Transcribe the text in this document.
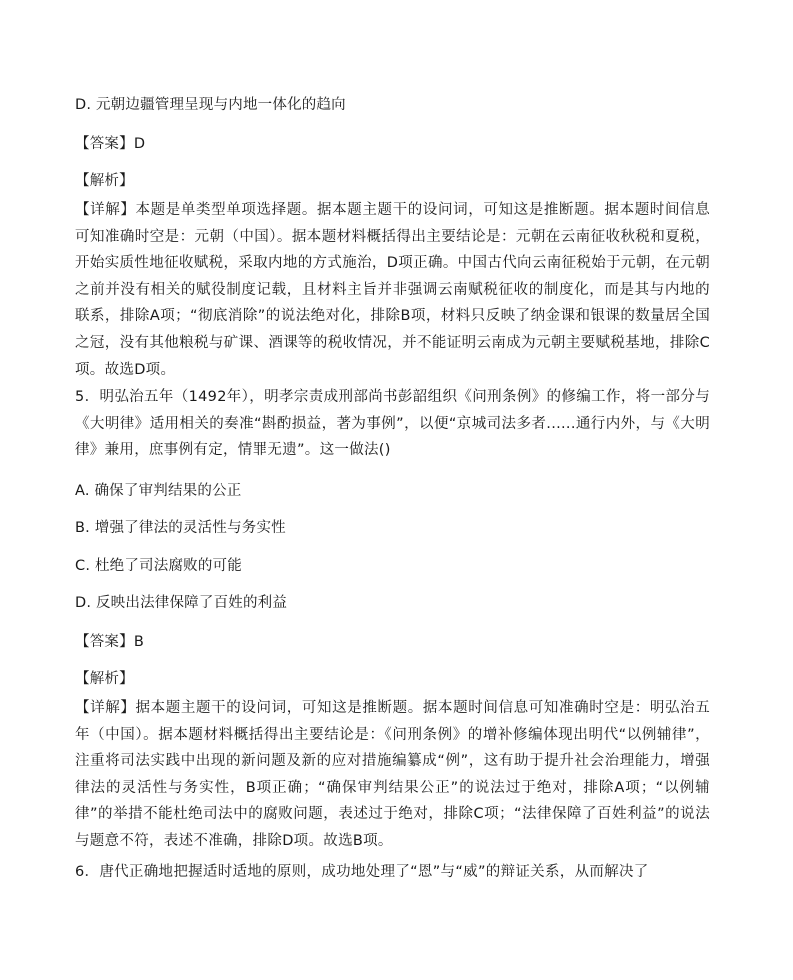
D. 元朝边疆管理呈现与内地一体化的趋向
【答案】D
【解析】
【详解】本题是单类型单项选择题。据本题主题干的设问词，可知这是推断题。据本题时间信息可知准确时空是：元朝（中国）。据本题材料概括得出主要结论是：元朝在云南征收秋税和夏税，开始实质性地征收赋税，采取内地的方式施治，D项正确。中国古代向云南征税始于元朝，在元朝之前并没有相关的赋役制度记载，且材料主旨并非强调云南赋税征收的制度化，而是其与内地的联系，排除A项；“彻底消除”的说法绝对化，排除B项，材料只反映了纳金课和银课的数量居全国之冠，没有其他粮税与矿课、酒课等的税收情况，并不能证明云南成为元朝主要赋税基地，排除C项。故选D项。
5．明弘治五年（1492年），明孝宗责成刑部尚书彭韶组织《问刑条例》的修编工作，将一部分与《大明律》适用相关的奏准“斟酌损益，著为事例”，以便“京城司法多者......通行内外，与《大明律》兼用，庶事例有定，情罪无遗”。这一做法()
A. 确保了审判结果的公正
B. 增强了律法的灵活性与务实性
C. 杜绝了司法腐败的可能
D. 反映出法律保障了百姓的利益
【答案】B
【解析】
【详解】据本题主题干的设问词，可知这是推断题。据本题时间信息可知准确时空是：明弘治五年（中国）。据本题材料概括得出主要结论是：《问刑条例》的增补修编体现出明代“以例辅律”，注重将司法实践中出现的新问题及新的应对措施编纂成“例”，这有助于提升社会治理能力，增强律法的灵活性与务实性，B项正确；“确保审判结果公正”的说法过于绝对，排除A项；“以例辅律”的举措不能杜绝司法中的腐败问题，表述过于绝对，排除C项；“法律保障了百姓利益”的说法与题意不符，表述不准确，排除D项。故选B项。
6．唐代正确地把握适时适地的原则，成功地处理了“恩”与“威”的辩证关系，从而解决了
